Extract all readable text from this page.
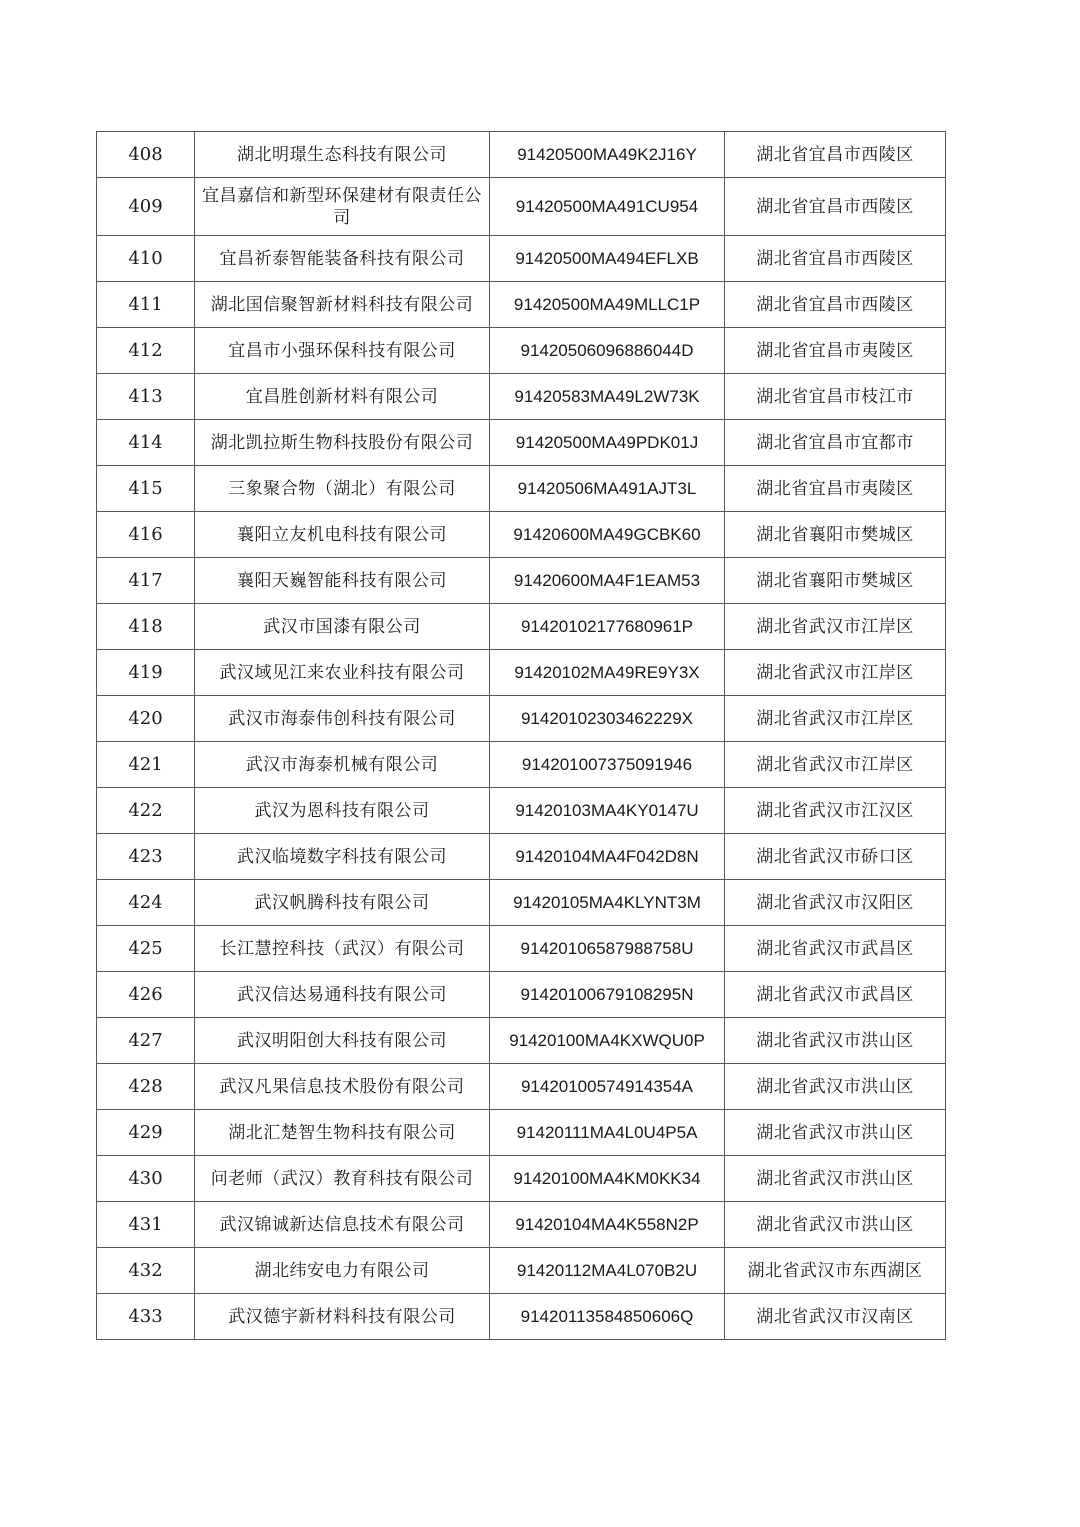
408	湖北明璟生态科技有限公司	91420500MA49K2J16Y	湖北省宜昌市西陵区
409	宜昌嘉信和新型环保建材有限责任公司	91420500MA491CU954	湖北省宜昌市西陵区
410	宜昌祈泰智能装备科技有限公司	91420500MA494EFLXB	湖北省宜昌市西陵区
411	湖北国信聚智新材料科技有限公司	91420500MA49MLLC1P	湖北省宜昌市西陵区
412	宜昌市小强环保科技有限公司	91420506096886044D	湖北省宜昌市夷陵区
413	宜昌胜创新材料有限公司	91420583MA49L2W73K	湖北省宜昌市枝江市
414	湖北凯拉斯生物科技股份有限公司	91420500MA49PDK01J	湖北省宜昌市宜都市
415	三象聚合物（湖北）有限公司	91420506MA491AJT3L	湖北省宜昌市夷陵区
416	襄阳立友机电科技有限公司	91420600MA49GCBK60	湖北省襄阳市樊城区
417	襄阳天巍智能科技有限公司	91420600MA4F1EAM53	湖北省襄阳市樊城区
418	武汉市国漆有限公司	91420102177680961P	湖北省武汉市江岸区
419	武汉域见江来农业科技有限公司	91420102MA49RE9Y3X	湖北省武汉市江岸区
420	武汉市海泰伟创科技有限公司	91420102303462229X	湖北省武汉市江岸区
421	武汉市海泰机械有限公司	914201007375091946	湖北省武汉市江岸区
422	武汉为恩科技有限公司	91420103MA4KY0147U	湖北省武汉市江汉区
423	武汉临境数字科技有限公司	91420104MA4F042D8N	湖北省武汉市硚口区
424	武汉帆腾科技有限公司	91420105MA4KLYNT3M	湖北省武汉市汉阳区
425	长江慧控科技（武汉）有限公司	91420106587988758U	湖北省武汉市武昌区
426	武汉信达易通科技有限公司	91420100679108295N	湖北省武汉市武昌区
427	武汉明阳创大科技有限公司	91420100MA4KXWQU0P	湖北省武汉市洪山区
428	武汉凡果信息技术股份有限公司	91420100574914354A	湖北省武汉市洪山区
429	湖北汇楚智生物科技有限公司	91420111MA4L0U4P5A	湖北省武汉市洪山区
430	问老师（武汉）教育科技有限公司	91420100MA4KM0KK34	湖北省武汉市洪山区
431	武汉锦诚新达信息技术有限公司	91420104MA4K558N2P	湖北省武汉市洪山区
432	湖北纬安电力有限公司	91420112MA4L070B2U	湖北省武汉市东西湖区
433	武汉德宇新材料科技有限公司	91420113584850606Q	湖北省武汉市汉南区
